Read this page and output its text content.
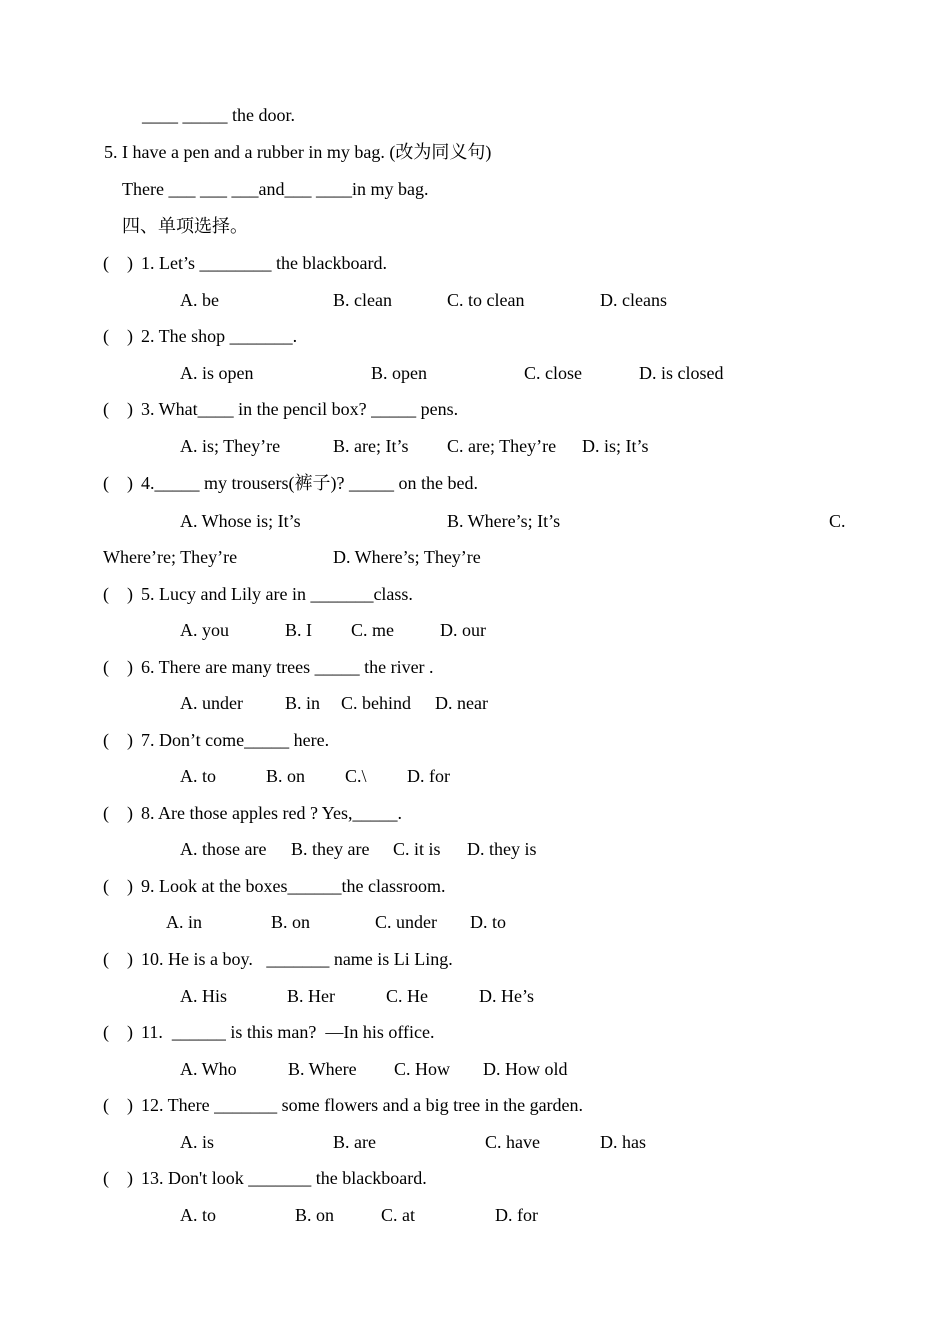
____ _____ the door.
5. I have a pen and a rubber in my bag. (改为同义句)
There ___ ___ ___and___ ____in my bag.
四、单项选择。

(    )

1. Let’s ________ the blackboard.

A. be	B. clean	C. to clean	D. cleans

(    )

2. The shop _______.

A. is open	B. open	C. close	D. is closed

(    )

3. What____ in the pencil box? _____ pens.

A. is; They’re	B. are; It’s C. are; They’re D. is; It’s

(    )

4._____ my trousers(裤子)? _____ on the bed.

A. Whose is; It’s	B. Where’s; It’s	C.
Where’re; They’re	D. Where’s; They’re

(    )

5. Lucy and Lily are in _______class.

A. you	B. I C. me	D. our

(    )

6. There are many trees _____ the river .

A. under B. in C. behind D. near

(    )

7. Don’t come_____ here.

A. to	B. on C.\ D. for

(    )

8. Are those apples red ? Yes,_____.

A. those are B. they are C. it is D. they is

(    )

9. Look at the boxes______the classroom.

A. in	B. on	C. under D. to

(    )

10. He is a boy.   _______ name is Li Ling.

A. His	B. Her	C. He	D. He’s

(    )

11.  ______ is this man?  —In his office.

A. Who	B. Where C. How D. How old

(    )

12. There _______ some flowers and a big tree in the garden.

A. is	B. are	C. have	D. has

(    )

13. Don't look _______ the blackboard.

A. to	B. on	C. at	D. for
